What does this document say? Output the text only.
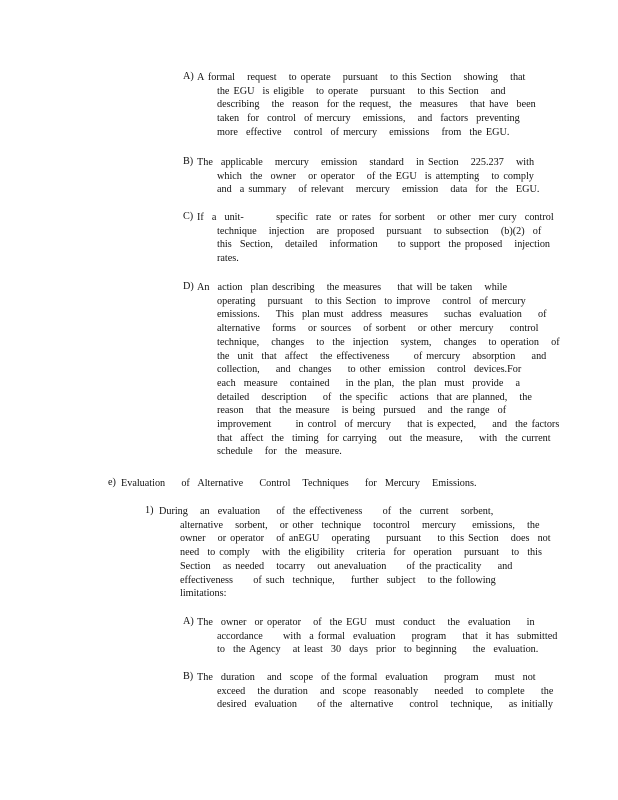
A) A formal   request   to operate   pursuant   to this Section   showing   that
the EGU  is eligible   to operate   pursuant   to this Section   and
describing   the  reason  for the request,  the  measures   that have  been
taken  for  control  of mercury   emissions,   and  factors  preventing
more  effective   control  of mercury   emissions   from  the EGU.
B) The  applicable   mercury   emission   standard   in Section   225.237   with
which  the  owner   or operator   of the EGU  is attempting   to comply
and  a summary   of relevant   mercury   emission   data  for  the  EGU.
C) If  a  unit-        specific  rate  or rates  for sorbent   or other  mer cury  control
technique   injection   are  proposed   pursuant   to subsection   (b)(2)  of
this  Section,   detailed   information     to support  the proposed   injection
rates.
D) An  action  plan describing   the measures    that will be taken   while
operating   pursuant   to this Section  to improve   control  of mercury
emissions.    This  plan must  address  measures    suchas  evaluation    of
alternative   forms   or sources   of sorbent   or other  mercury    control
technique,   changes   to  the  injection   system,   changes   to operation   of
the  unit  that  affect   the effectiveness      of mercury   absorption    and
collection,    and  changes    to other  emission   control  devices.For
each  measure   contained    in the plan,  the plan  must  provide   a
detailed   description    of  the specific   actions  that are planned,   the
reason   that  the measure   is being  pursued   and  the range  of
improvement      in control  of mercury    that is expected,    and  the factors
that  affect  the  timing  for carrying   out  the measure,    with  the current
schedule   for  the  measure.
e) Evaluation    of  Alternative    Control   Techniques    for  Mercury   Emissions.
1) During   an  evaluation    of  the effectiveness     of  the  current   sorbent,
alternative   sorbent,   or other  technique   tocontrol   mercury    emissions,   the
owner   or operator   of anEGU   operating    pursuant    to this Section   does  not
need  to comply   with  the eligibility   criteria  for  operation   pursuant   to  this
Section   as needed   tocarry   out anevaluation     of the practicality    and
effectiveness     of such  technique,    further  subject   to the following
limitations:
A) The  owner  or operator   of  the EGU  must  conduct   the  evaluation    in
accordance     with  a formal  evaluation    program    that  it has  submitted
to  the Agency   at least  30  days  prior  to beginning    the  evaluation.
B) The  duration   and  scope  of the formal  evaluation    program    must  not
exceed   the duration   and  scope  reasonably    needed   to complete    the
desired  evaluation     of the  alternative    control   technique,    as initially
